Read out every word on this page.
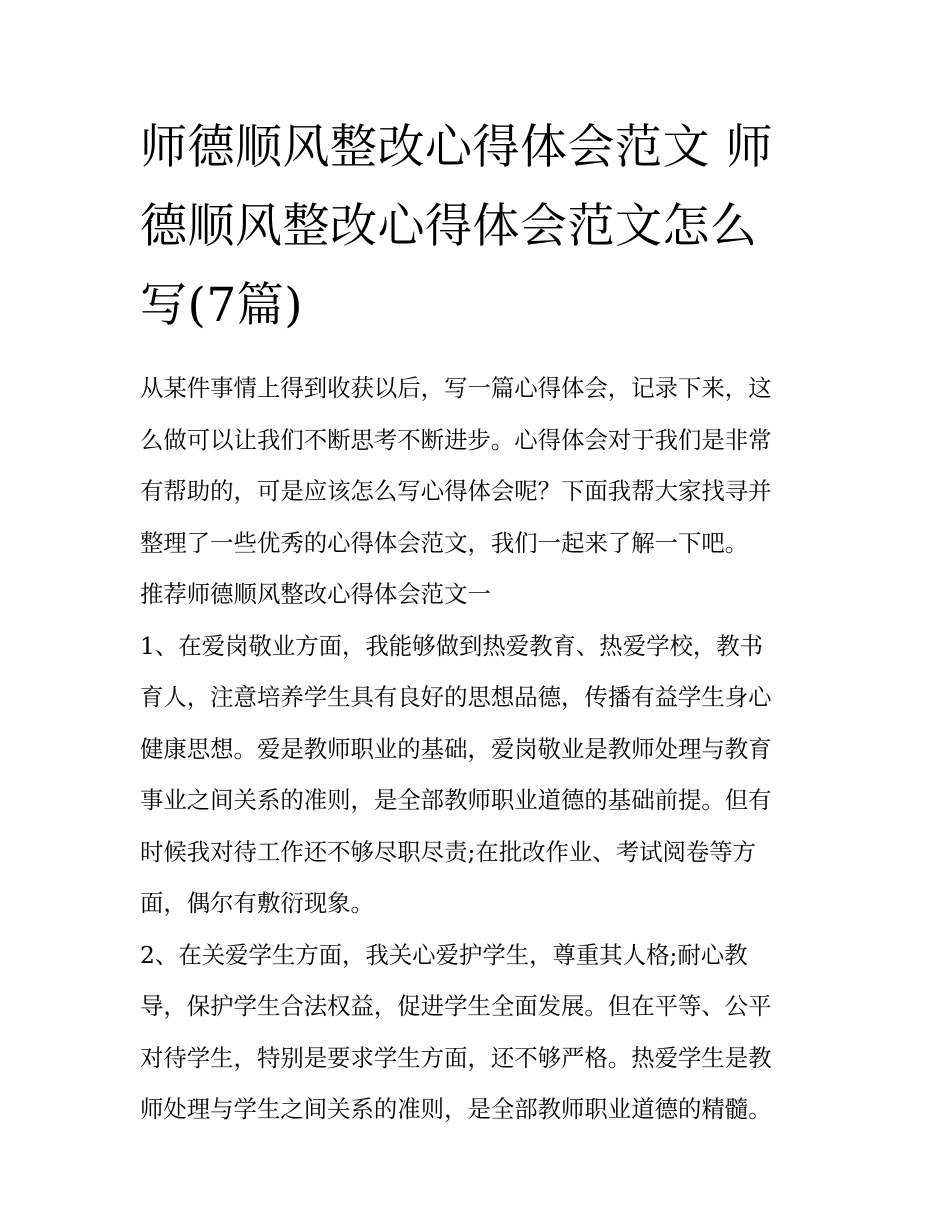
师德顺风整改心得体会范文 师
德顺风整改心得体会范文怎么
写(7篇)
从某件事情上得到收获以后，写一篇心得体会，记录下来，这
么做可以让我们不断思考不断进步。心得体会对于我们是非常
有帮助的，可是应该怎么写心得体会呢？下面我帮大家找寻并
整理了一些优秀的心得体会范文，我们一起来了解一下吧。
推荐师德顺风整改心得体会范文一
1、在爱岗敬业方面，我能够做到热爱教育、热爱学校，教书
育人，注意培养学生具有良好的思想品德，传播有益学生身心
健康思想。爱是教师职业的基础，爱岗敬业是教师处理与教育
事业之间关系的准则，是全部教师职业道德的基础前提。但有
时候我对待工作还不够尽职尽责;在批改作业、考试阅卷等方
面，偶尔有敷衍现象。
2、在关爱学生方面，我关心爱护学生，尊重其人格;耐心教
导，保护学生合法权益，促进学生全面发展。但在平等、公平
对待学生，特别是要求学生方面，还不够严格。热爱学生是教
师处理与学生之间关系的准则，是全部教师职业道德的精髓。
